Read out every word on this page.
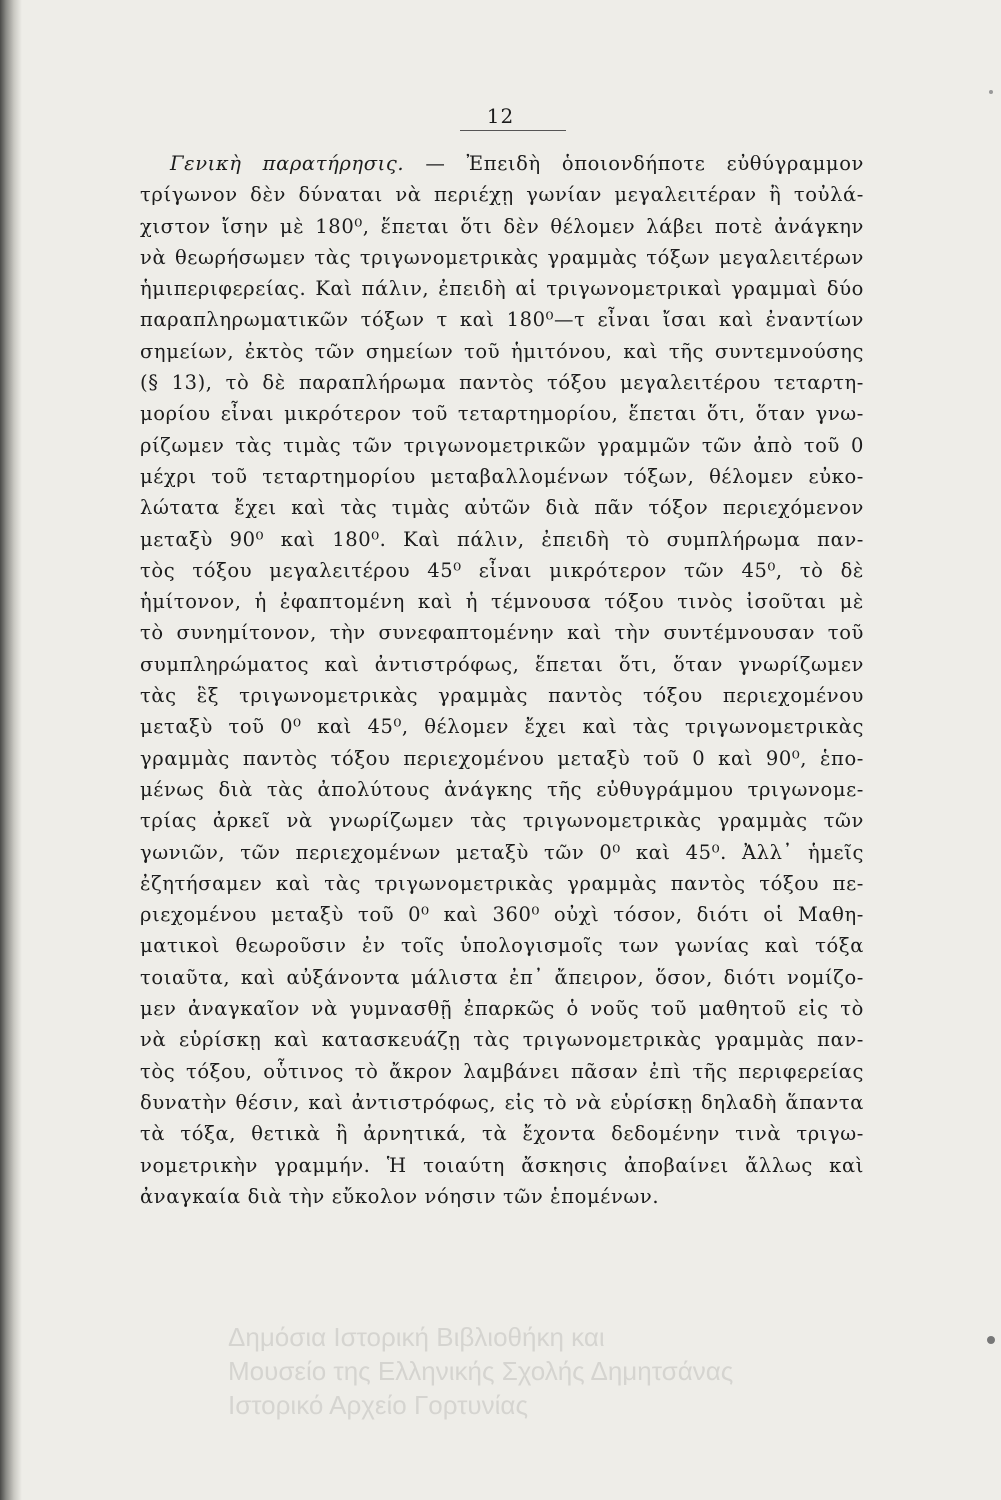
12
Γενικὴ παρατήρησις. — Ἐπειδὴ ὁποιονδήποτε εὐθύγραμμον
τρίγωνον δὲν δύναται νὰ περιέχῃ γωνίαν μεγαλειτέραν ἢ τοὐλά-
χιστον ἴσην μὲ 180⁰, ἕπεται ὅτι δὲν θέλομεν λάβει ποτὲ ἀνάγκην
νὰ θεωρήσωμεν τὰς τριγωνομετρικὰς γραμμὰς τόξων μεγαλειτέρων
ἡμιπεριφερείας. Καὶ πάλιν, ἐπειδὴ αἱ τριγωνομετρικαὶ γραμμαὶ δύο
παραπληρωματικῶν τόξων τ καὶ 180⁰—τ εἶναι ἴσαι καὶ ἐναντίων
σημείων, ἐκτὸς τῶν σημείων τοῦ ἡμιτόνου, καὶ τῆς συντεμνούσης
(§ 13), τὸ δὲ παραπλήρωμα παντὸς τόξου μεγαλειτέρου τεταρτη-
μορίου εἶναι μικρότερον τοῦ τεταρτημορίου, ἕπεται ὅτι, ὅταν γνω-
ρίζωμεν τὰς τιμὰς τῶν τριγωνομετρικῶν γραμμῶν τῶν ἀπὸ τοῦ 0
μέχρι τοῦ τεταρτημορίου μεταβαλλομένων τόξων, θέλομεν εὐκο-
λώτατα ἔχει καὶ τὰς τιμὰς αὐτῶν διὰ πᾶν τόξον περιεχόμενον
μεταξὺ 90⁰ καὶ 180⁰. Καὶ πάλιν, ἐπειδὴ τὸ συμπλήρωμα παν-
τὸς τόξου μεγαλειτέρου 45⁰ εἶναι μικρότερον τῶν 45⁰, τὸ δὲ
ἡμίτονον, ἡ ἐφαπτομένη καὶ ἡ τέμνουσα τόξου τινὸς ἰσοῦται μὲ
τὸ συνημίτονον, τὴν συνεφαπτομένην καὶ τὴν συντέμνουσαν τοῦ
συμπληρώματος καὶ ἀντιστρόφως, ἕπεται ὅτι, ὅταν γνωρίζωμεν
τὰς ἓξ τριγωνομετρικὰς γραμμὰς παντὸς τόξου περιεχομένου
μεταξὺ τοῦ 0⁰ καὶ 45⁰, θέλομεν ἔχει καὶ τὰς τριγωνομετρικὰς
γραμμὰς παντὸς τόξου περιεχομένου μεταξὺ τοῦ 0 καὶ 90⁰, ἑπο-
μένως διὰ τὰς ἀπολύτους ἀνάγκης τῆς εὐθυγράμμου τριγωνομε-
τρίας ἀρκεῖ νὰ γνωρίζωμεν τὰς τριγωνομετρικὰς γραμμὰς τῶν
γωνιῶν, τῶν περιεχομένων μεταξὺ τῶν 0⁰ καὶ 45⁰. Ἀλλ᾽ ἡμεῖς
ἐζητήσαμεν καὶ τὰς τριγωνομετρικὰς γραμμὰς παντὸς τόξου πε-
ριεχομένου μεταξὺ τοῦ 0⁰ καὶ 360⁰ οὐχὶ τόσον, διότι οἱ Μαθη-
ματικοὶ θεωροῦσιν ἐν τοῖς ὑπολογισμοῖς των γωνίας καὶ τόξα
τοιαῦτα, καὶ αὐξάνοντα μάλιστα ἐπ᾽ ἄπειρον, ὅσον, διότι νομίζο-
μεν ἀναγκαῖον νὰ γυμνασθῇ ἐπαρκῶς ὁ νοῦς τοῦ μαθητοῦ εἰς τὸ
νὰ εὑρίσκῃ καὶ κατασκευάζῃ τὰς τριγωνομετρικὰς γραμμὰς παν-
τὸς τόξου, οὗτινος τὸ ἄκρον λαμβάνει πᾶσαν ἐπὶ τῆς περιφερείας
δυνατὴν θέσιν, καὶ ἀντιστρόφως, εἰς τὸ νὰ εὑρίσκῃ δηλαδὴ ἅπαντα
τὰ τόξα, θετικὰ ἢ ἀρνητικά, τὰ ἔχοντα δεδομένην τινὰ τριγω-
νομετρικὴν γραμμήν. Ἡ τοιαύτη ἄσκησις ἀποβαίνει ἄλλως καὶ
ἀναγκαία διὰ τὴν εὔκολον νόησιν τῶν ἑπομένων.
Δημόσια Ιστορική Βιβλιοθήκη και
Μουσείο της Ελληνικής Σχολής Δημητσάνας
Ιστορικό Αρχείο Γορτυνίας
